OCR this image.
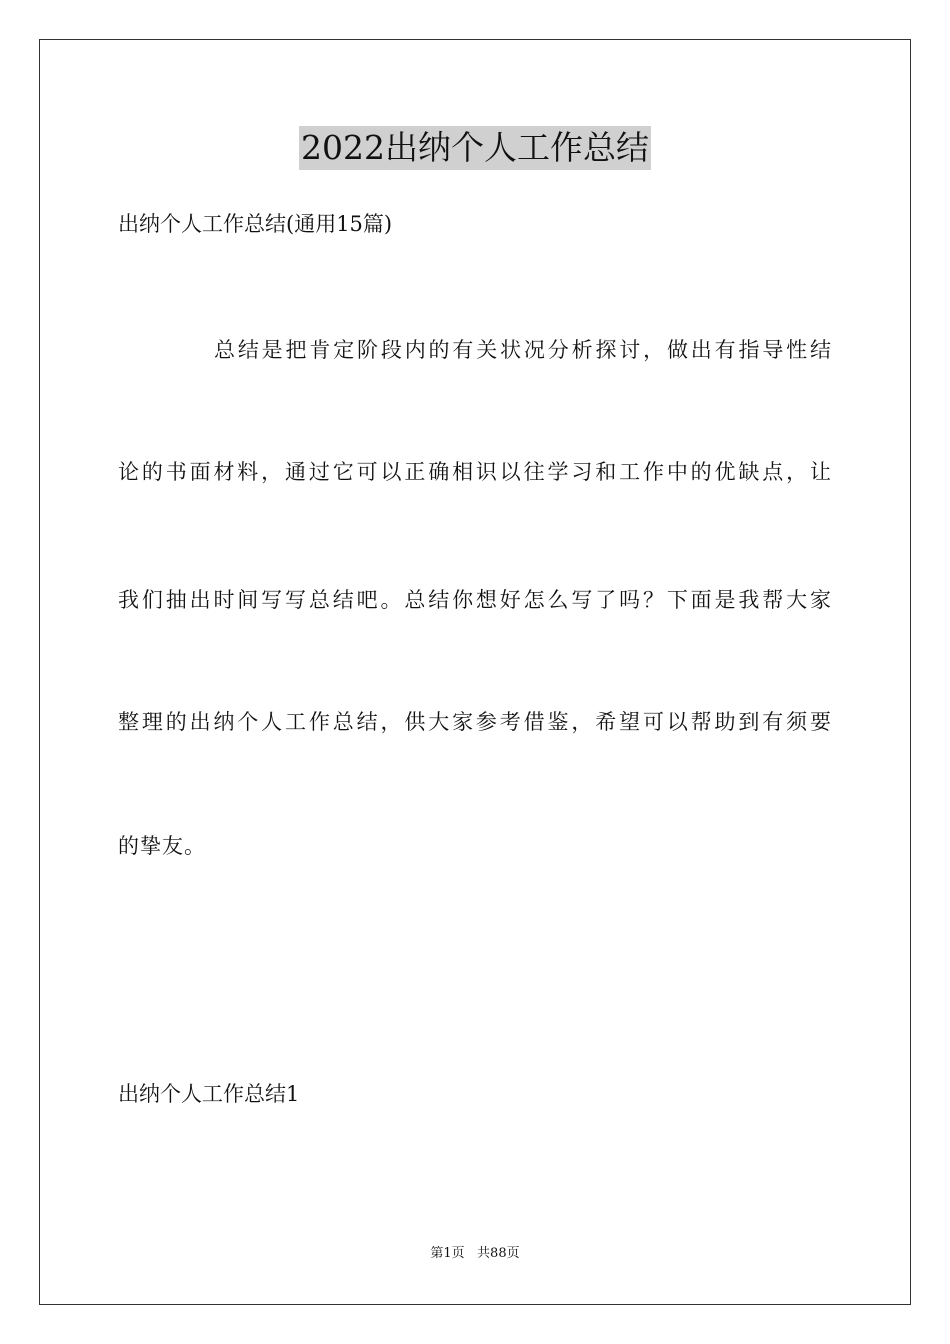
2022出纳个人工作总结
出纳个人工作总结(通用15篇)
总结是把肯定阶段内的有关状况分析探讨，做出有指导性结
论的书面材料，通过它可以正确相识以往学习和工作中的优缺点，让
我们抽出时间写写总结吧。总结你想好怎么写了吗？下面是我帮大家
整理的出纳个人工作总结，供大家参考借鉴，希望可以帮助到有须要
的挚友。
出纳个人工作总结1
第1页   共88页
